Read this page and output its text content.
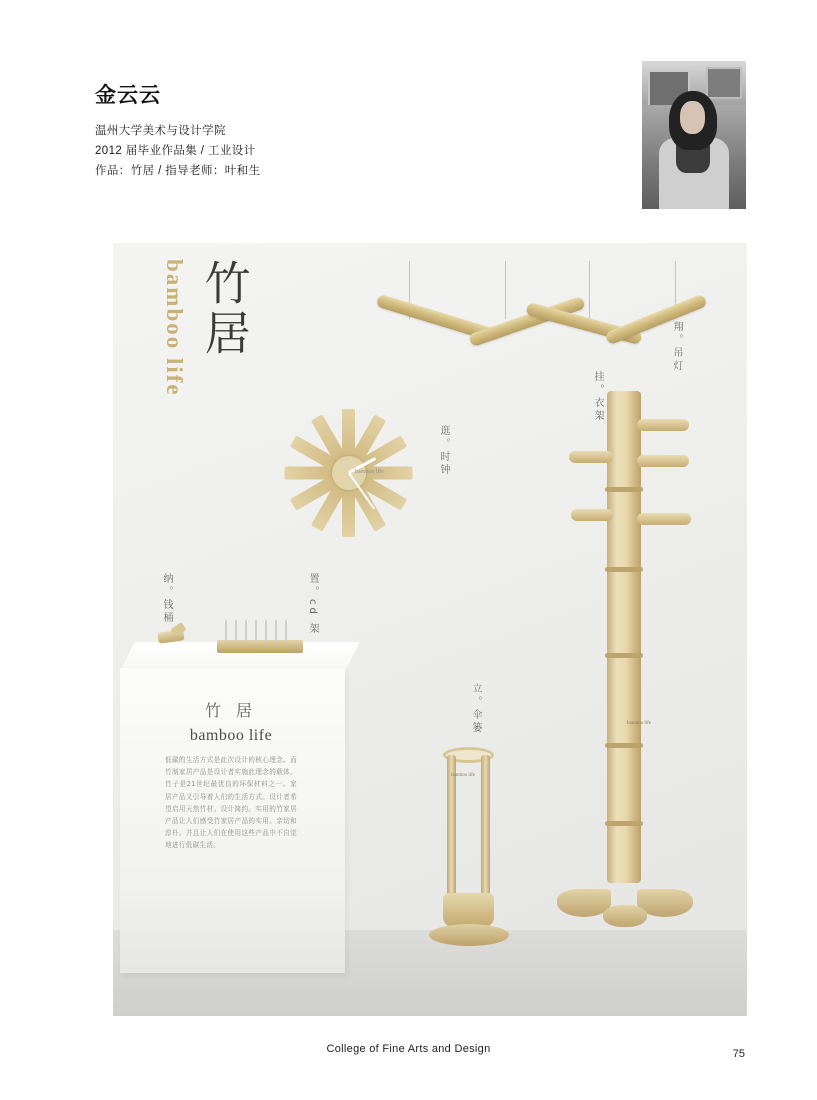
金云云

温州大学美术与设计学院

2012 届毕业作品集 / 工业设计

作品：竹居 / 指导老师：叶和生

竹居
bamboo life	翔。吊灯
bamboo life	逛。时钟
bamboo life
挂。衣架
bamboo life
立。伞篓
竹 居
bamboo life
低碳的生活方式是此次设计的核心理念。而竹制家居产品是设计者实施此理念的载体。竹子是21世纪最优良的环保材料之一。家居产品又引导着人们的生活方式。设计者希望启用天然竹材。设计简约。实用的竹家居产品让人们感受竹家居产品的实用。亲切和淳朴。并且让人们在使用这些产品中不自觉地进行低碳生活。
纳。钱桶	置。cd 架
College of Fine Arts and Design	75
